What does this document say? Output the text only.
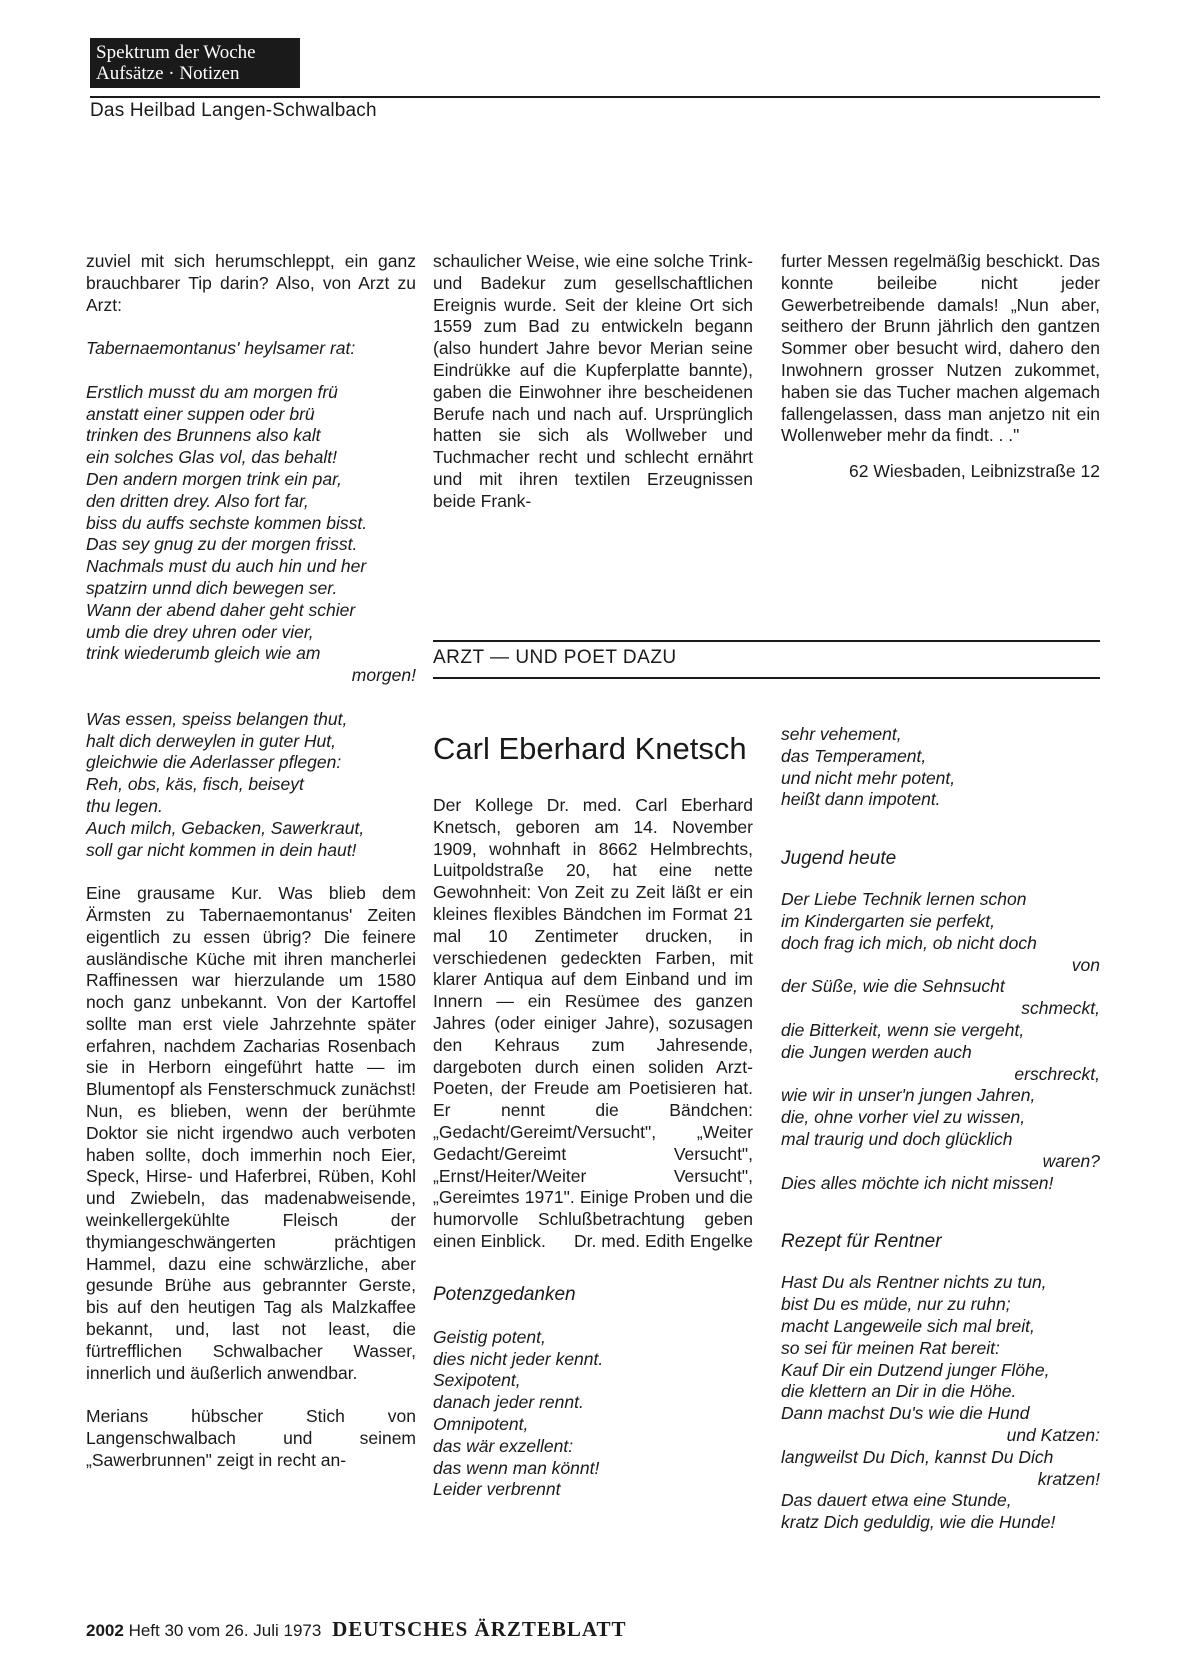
Spektrum der Woche
Aufsätze · Notizen
Das Heilbad Langen-Schwalbach
zuviel mit sich herumschleppt, ein ganz brauchbarer Tip darin? Also, von Arzt zu Arzt:
Tabernaemontanus' heylsamer rat:
Erstlich musst du am morgen frü
anstatt einer suppen oder brü
trinken des Brunnens also kalt
ein solches Glas vol, das behalt!
Den andern morgen trink ein par,
den dritten drey. Also fort far,
biss du auffs sechste kommen bisst.
Das sey gnug zu der morgen frisst.
Nachmals must du auch hin und her
spatzirn unnd dich bewegen ser.
Wann der abend daher geht schier
umb die drey uhren oder vier,
trink wiederumb gleich wie am
morgen!
Was essen, speiss belangen thut,
halt dich derweylen in guter Hut,
gleichwie die Aderlasser pflegen:
Reh, obs, käs, fisch, beiseyt
thu legen.
Auch milch, Gebacken, Sawerkraut,
soll gar nicht kommen in dein haut!
Eine grausame Kur. Was blieb dem Ärmsten zu Tabernaemontanus' Zeiten eigentlich zu essen übrig? Die feinere ausländische Küche mit ihren mancherlei Raffinessen war hierzulande um 1580 noch ganz unbekannt. Von der Kartoffel sollte man erst viele Jahrzehnte später erfahren, nachdem Zacharias Rosenbach sie in Herborn eingeführt hatte — im Blumentopf als Fensterschmuck zunächst! Nun, es blieben, wenn der berühmte Doktor sie nicht irgendwo auch verboten haben sollte, doch immerhin noch Eier, Speck, Hirse- und Haferbrei, Rüben, Kohl und Zwiebeln, das madenabweisende, weinkellergekühlte Fleisch der thymiangeschwängerten prächtigen Hammel, dazu eine schwärzliche, aber gesunde Brühe aus gebrannter Gerste, bis auf den heutigen Tag als Malzkaffee bekannt, und, last not least, die fürtrefflichen Schwalbacher Wasser, innerlich und äußerlich anwendbar.
Merians hübscher Stich von Langenschwalbach und seinem „Sawerbrunnen" zeigt in recht an-
schaulicher Weise, wie eine solche Trink- und Badekur zum gesellschaftlichen Ereignis wurde. Seit der kleine Ort sich 1559 zum Bad zu entwickeln begann (also hundert Jahre bevor Merian seine Eindrükke auf die Kupferplatte bannte), gaben die Einwohner ihre bescheidenen Berufe nach und nach auf. Ursprünglich hatten sie sich als Wollweber und Tuchmacher recht und schlecht ernährt und mit ihren textilen Erzeugnissen beide Frank-
furter Messen regelmäßig beschickt. Das konnte beileibe nicht jeder Gewerbetreibende damals! „Nun aber, seithero der Brunn jährlich den gantzen Sommer ober besucht wird, dahero den Inwohnern grosser Nutzen zukommet, haben sie das Tucher machen algemach fallengelassen, dass man anjetzo nit ein Wollenweber mehr da findt. . ."
62 Wiesbaden, Leibnizstraße 12
ARZT — UND POET DAZU
Carl Eberhard Knetsch
Der Kollege Dr. med. Carl Eberhard Knetsch, geboren am 14. November 1909, wohnhaft in 8662 Helmbrechts, Luitpoldstraße 20, hat eine nette Gewohnheit: Von Zeit zu Zeit läßt er ein kleines flexibles Bändchen im Format 21 mal 10 Zentimeter drucken, in verschiedenen gedeckten Farben, mit klarer Antiqua auf dem Einband und im Innern — ein Resümee des ganzen Jahres (oder einiger Jahre), sozusagen den Kehraus zum Jahresende, dargeboten durch einen soliden Arzt-Poeten, der Freude am Poetisieren hat. Er nennt die Bändchen: „Gedacht/Gereimt/Versucht", „Weiter Gedacht/Gereimt Versucht", „Ernst/Heiter/Weiter Versucht", „Gereimtes 1971". Einige Proben und die humorvolle Schlußbetrachtung geben einen Einblick.	Dr. med. Edith Engelke
Potenzgedanken
Geistig potent,
dies nicht jeder kennt.
Sexipotent,
danach jeder rennt.
Omnipotent,
das wär exzellent:
das wenn man könnt!
Leider verbrennt
sehr vehement,
das Temperament,
und nicht mehr potent,
heißt dann impotent.
Jugend heute
Der Liebe Technik lernen schon
im Kindergarten sie perfekt,
doch frag ich mich, ob nicht doch
von
der Süße, wie die Sehnsucht
schmeckt,
die Bitterkeit, wenn sie vergeht,
die Jungen werden auch
erschreckt,
wie wir in unser'n jungen Jahren,
die, ohne vorher viel zu wissen,
mal traurig und doch glücklich
waren?
Dies alles möchte ich nicht missen!
Rezept für Rentner
Hast Du als Rentner nichts zu tun,
bist Du es müde, nur zu ruhn;
macht Langeweile sich mal breit,
so sei für meinen Rat bereit:
Kauf Dir ein Dutzend junger Flöhe,
die klettern an Dir in die Höhe.
Dann machst Du's wie die Hund
und Katzen:
langweilst Du Dich, kannst Du Dich
kratzen!
Das dauert etwa eine Stunde,
kratz Dich geduldig, wie die Hunde!
2002 Heft 30 vom 26. Juli 1973 DEUTSCHES ÄRZTEBLATT
